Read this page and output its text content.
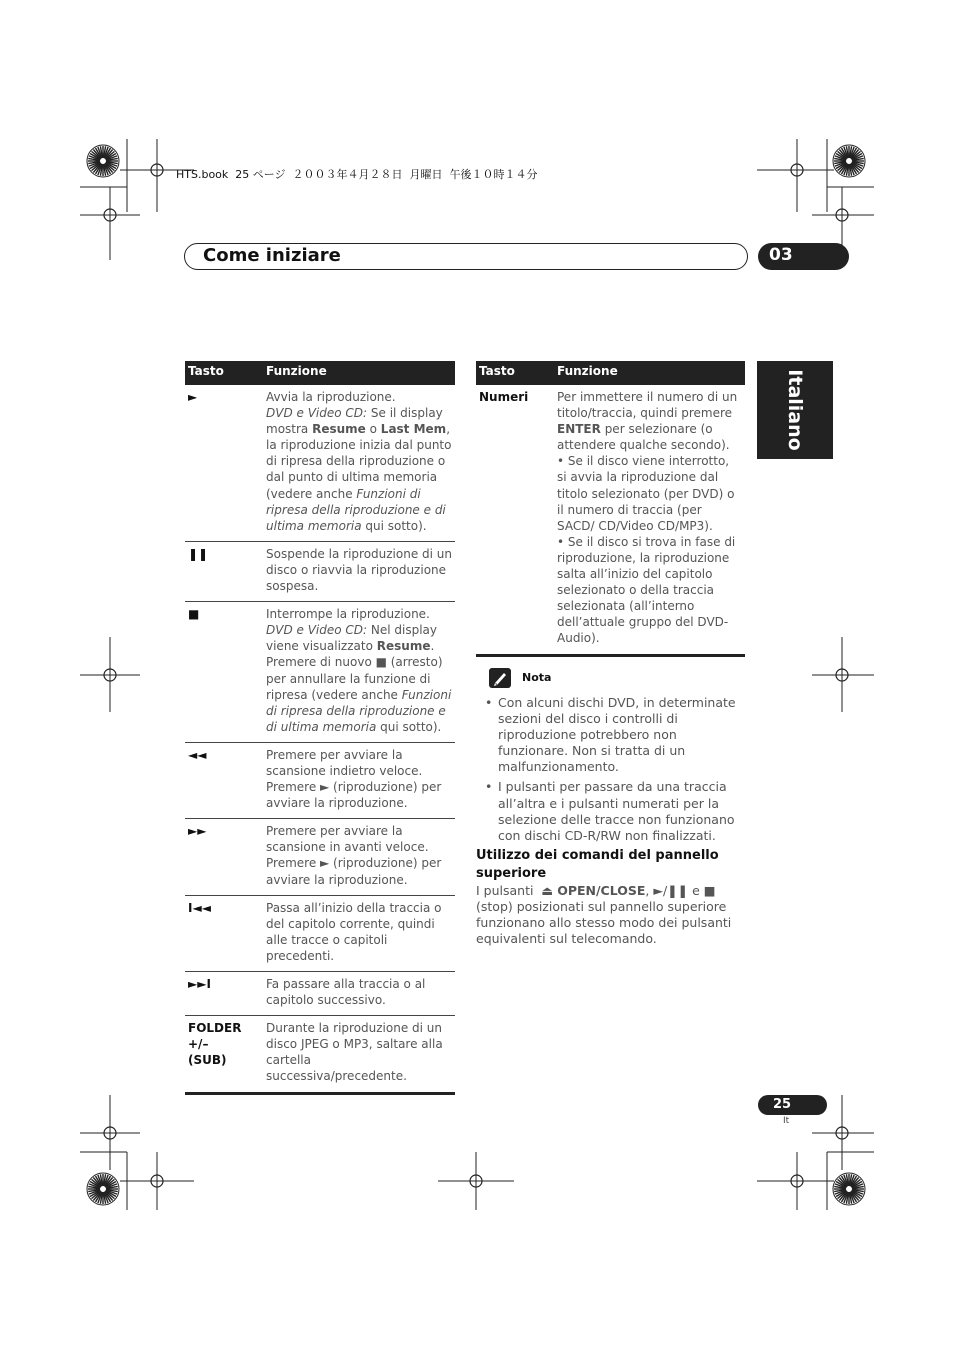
HTS.book  25 ページ  ２００３年４月２８日  月曜日  午後１０時１４分
Come iniziare	03
Italiano
Tasto	Funzione
►	Avvia la riproduzione.
DVD e Video CD: Se il display mostra Resume o Last Mem, la riproduzione inizia dal punto di ripresa della riproduzione o dal punto di ultima memoria (vedere anche Funzioni di ripresa della riproduzione e di ultima memoria qui sotto).
❚❚	Sospende la riproduzione di un disco o riavvia la riproduzione sospesa.
■	Interrompe la riproduzione.
DVD e Video CD: Nel display viene visualizzato Resume. Premere di nuovo ■ (arresto) per annullare la funzione di ripresa (vedere anche Funzioni di ripresa della riproduzione e di ultima memoria qui sotto).
◄◄	Premere per avviare la scansione indietro veloce. Premere ► (riproduzione) per avviare la riproduzione.
►►	Premere per avviare la scansione in avanti veloce. Premere ► (riproduzione) per avviare la riproduzione.
I◄◄	Passa all’inizio della traccia o del capitolo corrente, quindi alle tracce o capitoli precedenti.
►►I	Fa passare alla traccia o al capitolo successivo.
FOLDER +/–
(SUB)	Durante la riproduzione di un disco JPEG o MP3, saltare alla cartella successiva/precedente.
Tasto	Funzione
Numeri	Per immettere il numero di un titolo/traccia, quindi premere ENTER per selezionare (o attendere qualche secondo).
• Se il disco viene interrotto, si avvia la riproduzione dal titolo selezionato (per DVD) o il numero di traccia (per SACD/ CD/Video CD/MP3).
• Se il disco si trova in fase di riproduzione, la riproduzione salta all’inizio del capitolo selezionato o della traccia selezionata (all’interno dell’attuale gruppo del DVD-Audio).
Nota
• Con alcuni dischi DVD, in determinate sezioni del disco i controlli di riproduzione potrebbero non funzionare. Non si tratta di un malfunzionamento.
• I pulsanti per passare da una traccia all’altra e i pulsanti numerati per la selezione delle tracce non funzionano con dischi CD-R/RW non finalizzati.
Utilizzo dei comandi del pannello superiore
I pulsanti  ⏏ OPEN/CLOSE, ►/❚❚ e ■ (stop) posizionati sul pannello superiore funzionano allo stesso modo dei pulsanti equivalenti sul telecomando.
25
It
